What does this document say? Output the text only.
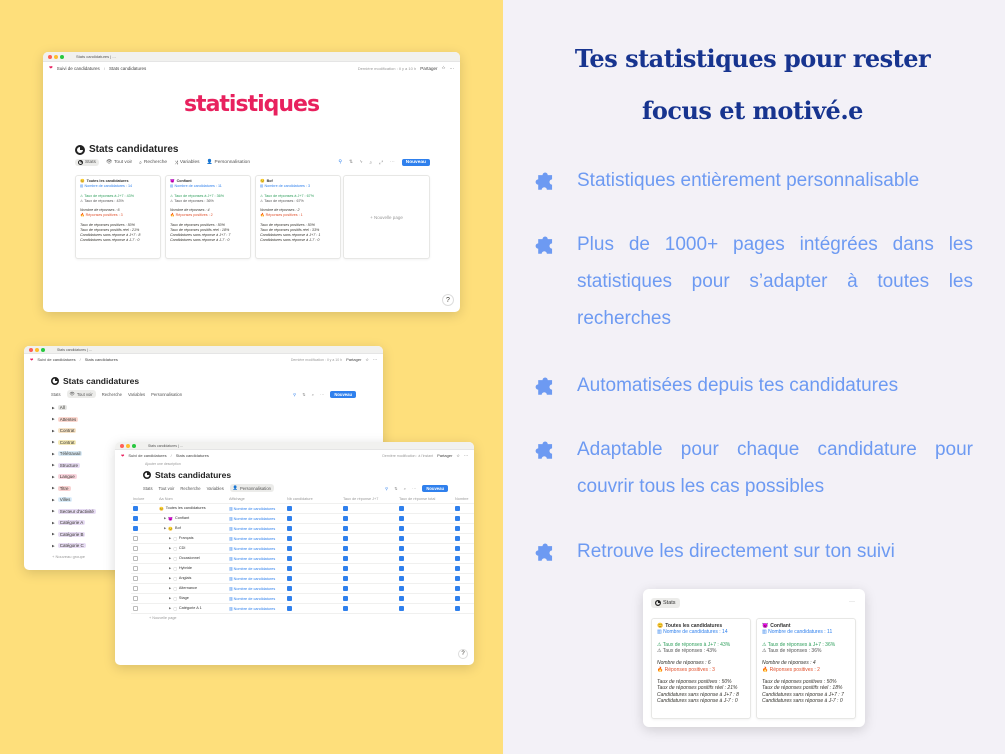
Stats candidatures | ...
❤ Suivi de candidatures / Stats candidatures	Dernière modification : Il y a 10 h Partager ☆ ···
statistiques
Stats candidatures
Stats 👁 Tout voir ⌕ Recherche ⤨ Variables 👤 Personnalisation	⚲ ⇅ ϟ ⌕ ⤢ ···	Nouveau
😊 Toutes les candidatures
▥ Nombre de candidatures : 14
⚠ Taux de réponses à J+7 : 43%
⚠ Taux de réponses : 43%
Nombre de réponses : 6
🔥 Réponses positives : 3
Taux de réponses positives : 50%
Taux de réponses positifs réel : 21%
Candidatures sans réponse à J+7 : 8
Candidatures sans réponse à J-7 : 0
😈 Confiant
▥ Nombre de candidatures : 11
⚠ Taux de réponses à J+7 : 36%
⚠ Taux de réponses : 36%
Nombre de réponses : 4
🔥 Réponses positives : 2
Taux de réponses positives : 50%
Taux de réponses positifs réel : 18%
Candidatures sans réponse à J+7 : 7
Candidatures sans réponse à J-7 : 0
😏 Bof
▥ Nombre de candidatures : 3
⚠ Taux de réponses à J+7 : 67%
⚠ Taux de réponses : 67%
Nombre de réponses : 2
🔥 Réponses positives : 1
Taux de réponses positives : 50%
Taux de réponses positifs réel : 33%
Candidatures sans réponse à J+7 : 1
Candidatures sans réponse à J-7 : 0
+ Nouvelle page
?
Stats candidatures | ...
❤ Suivi de candidatures / Stats candidatures	Dernière modification : Il y a 10 h Partager ☆ ···
Stats candidatures
Stats 👁 Tout voir Recherche Variables Personnalisation	⚲ ⇅ ⌕ ···	Nouveau
▶	All
▶	Attentes
▶	Contrat
▶	Contrat
▶	Télétravail
▶	Structure
▶	Langue
▶	Titre
▶	Villes
▶	Secteur d'activité
▶	Catégorie A
▶	Catégorie B
▶	Catégorie C
+ Nouveau groupe
Stats candidatures | ...
❤ Suivi de candidatures / Stats candidatures	Dernière modification : à l'instant Partager ☆ ···
Ajouter une description
Stats candidatures
Stats Tout voir Recherche Variables 👤 Personnalisation	⚲ ⇅ ⌕ ···	Nouveau
Inclure	Aa Nom	Affichage	Nb candidature	Taux de réponse J+7	Taux de réponse total	Nombre
😊 Toutes les candidatures	▥ Nombre de candidatures
▶ 😈 Confiant	▥ Nombre de candidatures
▶ 😏 Bof	▥ Nombre de candidatures
▶ ▢ Français	▥ Nombre de candidatures
▶ ▢ CDI	▥ Nombre de candidatures
▶ ▢ Occasionnel	▥ Nombre de candidatures
▶ ▢ Hybride	▥ Nombre de candidatures
▶ ▢ Anglais	▥ Nombre de candidatures
▶ ▢ Alternance	▥ Nombre de candidatures
▶ ▢ Stage	▥ Nombre de candidatures
▶ ▢ Catégorie A 1	▥ Nombre de candidatures
+ Nouvelle page
?
Tes statistiques pour rester
focus et motivé.e
Statistiques entièrement personnalisable
Plus de 1000+ pages intégrées dans les statistiques pour s’adapter à toutes les recherches
Automatisées depuis tes candidatures
Adaptable pour chaque candidature pour couvrir tous les cas possibles
Retrouve les directement sur ton suivi
Stats	···
😊 Toutes les candidatures
▥ Nombre de candidatures : 14
⚠ Taux de réponses à J+7 : 43%
⚠ Taux de réponses : 43%
Nombre de réponses : 6
🔥 Réponses positives : 3
Taux de réponses positives : 50%
Taux de réponses positifs réel : 21%
Candidatures sans réponse à J+7 : 8
Candidatures sans réponse à J-7 : 0
😈 Confiant
▥ Nombre de candidatures : 11
⚠ Taux de réponses à J+7 : 36%
⚠ Taux de réponses : 36%
Nombre de réponses : 4
🔥 Réponses positives : 2
Taux de réponses positives : 50%
Taux de réponses positifs réel : 18%
Candidatures sans réponse à J+7 : 7
Candidatures sans réponse à J-7 : 0
